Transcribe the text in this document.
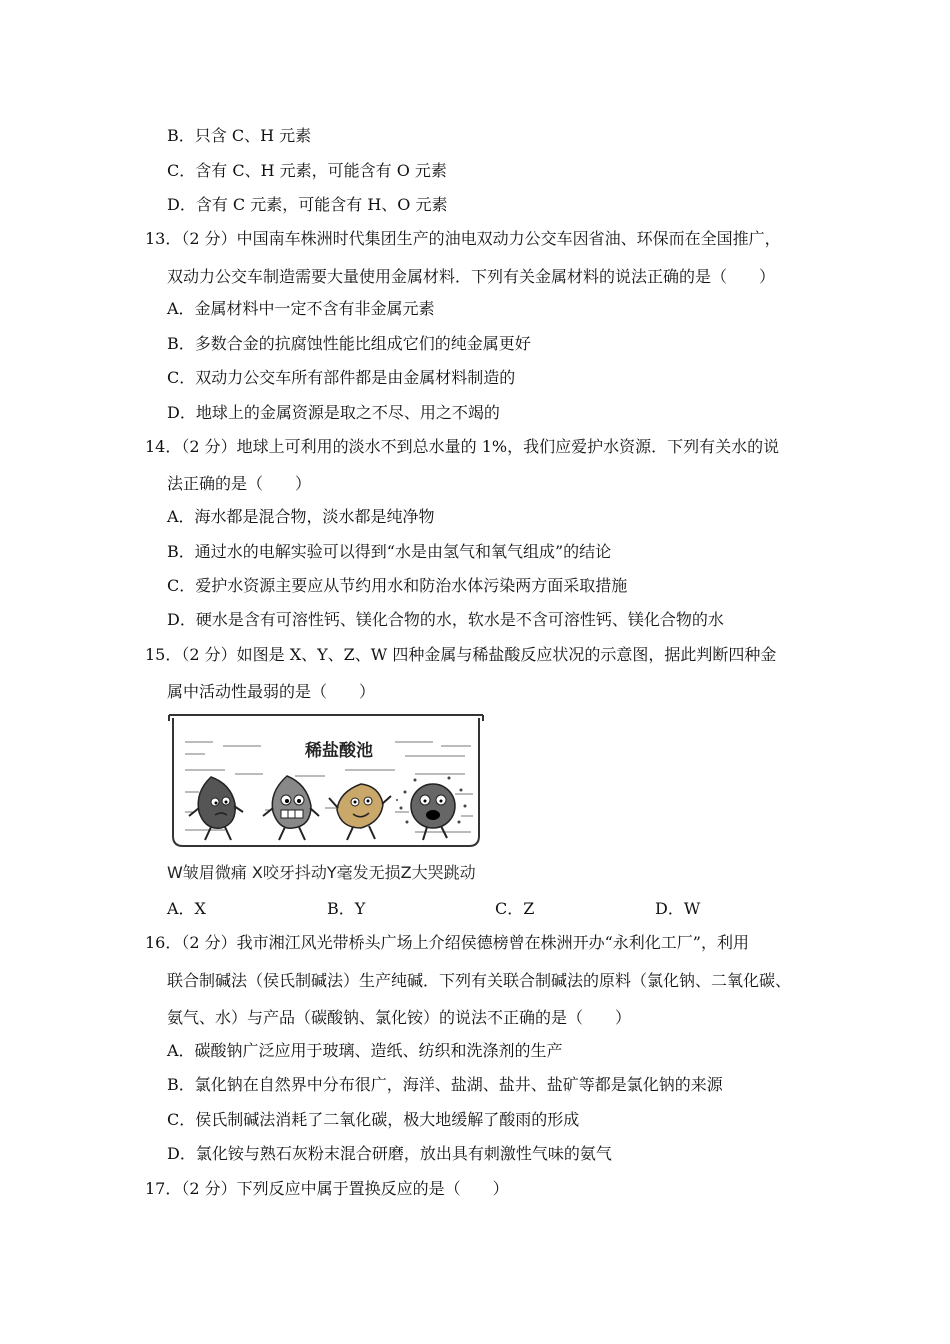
B．只含 C、H 元素
C．含有 C、H 元素，可能含有 O 元素
D．含有 C 元素，可能含有 H、O 元素
13．（2 分）中国南车株洲时代集团生产的油电双动力公交车因省油、环保而在全国推广，
双动力公交车制造需要大量使用金属材料．下列有关金属材料的说法正确的是（　　）
A．金属材料中一定不含有非金属元素
B．多数合金的抗腐蚀性能比组成它们的纯金属更好
C．双动力公交车所有部件都是由金属材料制造的
D．地球上的金属资源是取之不尽、用之不竭的
14．（2 分）地球上可利用的淡水不到总水量的 1%，我们应爱护水资源．下列有关水的说
法正确的是（　　）
A．海水都是混合物，淡水都是纯净物
B．通过水的电解实验可以得到“水是由氢气和氧气组成”的结论
C．爱护水资源主要应从节约用水和防治水体污染两方面采取措施
D．硬水是含有可溶性钙、镁化合物的水，软水是不含可溶性钙、镁化合物的水
15．（2 分）如图是 X、Y、Z、W 四种金属与稀盐酸反应状况的示意图，据此判断四种金
属中活动性最弱的是（　　）
稀盐酸池
W皱眉微痛 X咬牙抖动Y毫发无损Z大哭跳动
A．X	B．Y	C．Z	D．W
16．（2 分）我市湘江风光带桥头广场上介绍侯德榜曾在株洲开办“永利化工厂”，利用
联合制碱法（侯氏制碱法）生产纯碱．下列有关联合制碱法的原料（氯化钠、二氧化碳、
氨气、水）与产品（碳酸钠、氯化铵）的说法不正确的是（　　）
A．碳酸钠广泛应用于玻璃、造纸、纺织和洗涤剂的生产
B．氯化钠在自然界中分布很广，海洋、盐湖、盐井、盐矿等都是氯化钠的来源
C．侯氏制碱法消耗了二氧化碳，极大地缓解了酸雨的形成
D．氯化铵与熟石灰粉末混合研磨，放出具有刺激性气味的氨气
17．（2 分）下列反应中属于置换反应的是（　　）
